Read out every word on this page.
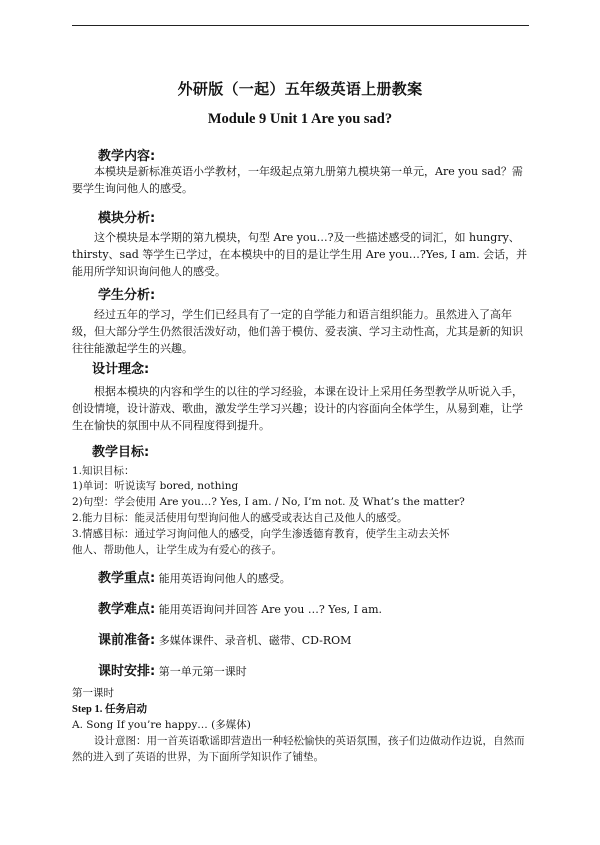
外研版（一起）五年级英语上册教案
Module 9 Unit 1 Are you sad?
教学内容:
本模块是新标准英语小学教材，一年级起点第九册第九模块第一单元，Are you sad？需要学生询问他人的感受。
模块分析:
这个模块是本学期的第九模块，句型 Are you…?及一些描述感受的词汇，如 hungry、thirsty、sad 等学生已学过，在本模块中的目的是让学生用 Are you…?Yes, I am. 会话，并能用所学知识询问他人的感受。
学生分析:
经过五年的学习，学生们已经具有了一定的自学能力和语言组织能力。虽然进入了高年级，但大部分学生仍然很活泼好动，他们善于模仿、爱表演、学习主动性高，尤其是新的知识往往能激起学生的兴趣。
设计理念:
根据本模块的内容和学生的以往的学习经验，本课在设计上采用任务型教学从听说入手，创设情境，设计游戏、歌曲，激发学生学习兴趣；设计的内容面向全体学生，从易到难，让学生在愉快的氛围中从不同程度得到提升。
教学目标:
1.知识目标：
1)单词：听说读写 bored, nothing
2)句型：学会使用 Are you…? Yes, I am. / No, I’m not. 及 What’s the matter?
2.能力目标：能灵活使用句型询问他人的感受或表达自己及他人的感受。
3.情感目标：通过学习询问他人的感受，向学生渗透德育教育，使学生主动去关怀
他人、帮助他人，让学生成为有爱心的孩子。
教学重点: 能用英语询问他人的感受。
教学难点: 能用英语询问并回答 Are you …? Yes, I am.
课前准备: 多媒体课件、录音机、磁带、CD-ROM
课时安排: 第一单元第一课时
第一课时
Step 1. 任务启动
A. Song If you’re happy… (多媒体)
设计意图：用一首英语歌谣即营造出一种轻松愉快的英语氛围，孩子们边做动作边说，自然而然的进入到了英语的世界，为下面所学知识作了铺垫。
